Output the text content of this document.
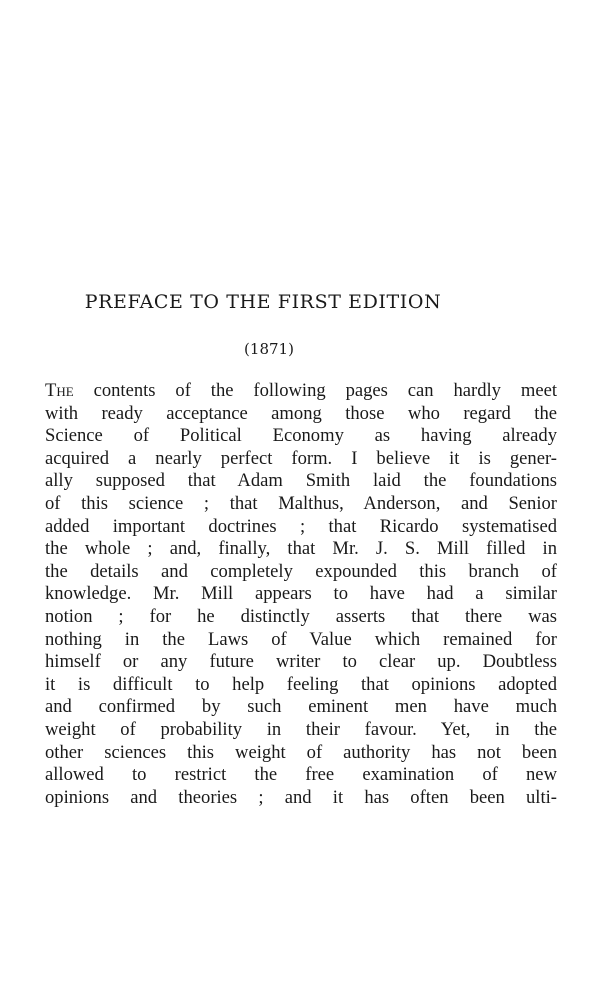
PREFACE TO THE FIRST EDITION
(1871)
The contents of the following pages can hardly meet
with ready acceptance among those who regard the
Science of Political Economy as having already
acquired a nearly perfect form. I believe it is gener-
ally supposed that Adam Smith laid the foundations
of this science ; that Malthus, Anderson, and Senior
added important doctrines ; that Ricardo systematised
the whole ; and, finally, that Mr. J. S. Mill filled in
the details and completely expounded this branch of
knowledge. Mr. Mill appears to have had a similar
notion ; for he distinctly asserts that there was
nothing in the Laws of Value which remained for
himself or any future writer to clear up. Doubtless
it is difficult to help feeling that opinions adopted
and confirmed by such eminent men have much
weight of probability in their favour. Yet, in the
other sciences this weight of authority has not been
allowed to restrict the free examination of new
opinions and theories ; and it has often been ulti-
